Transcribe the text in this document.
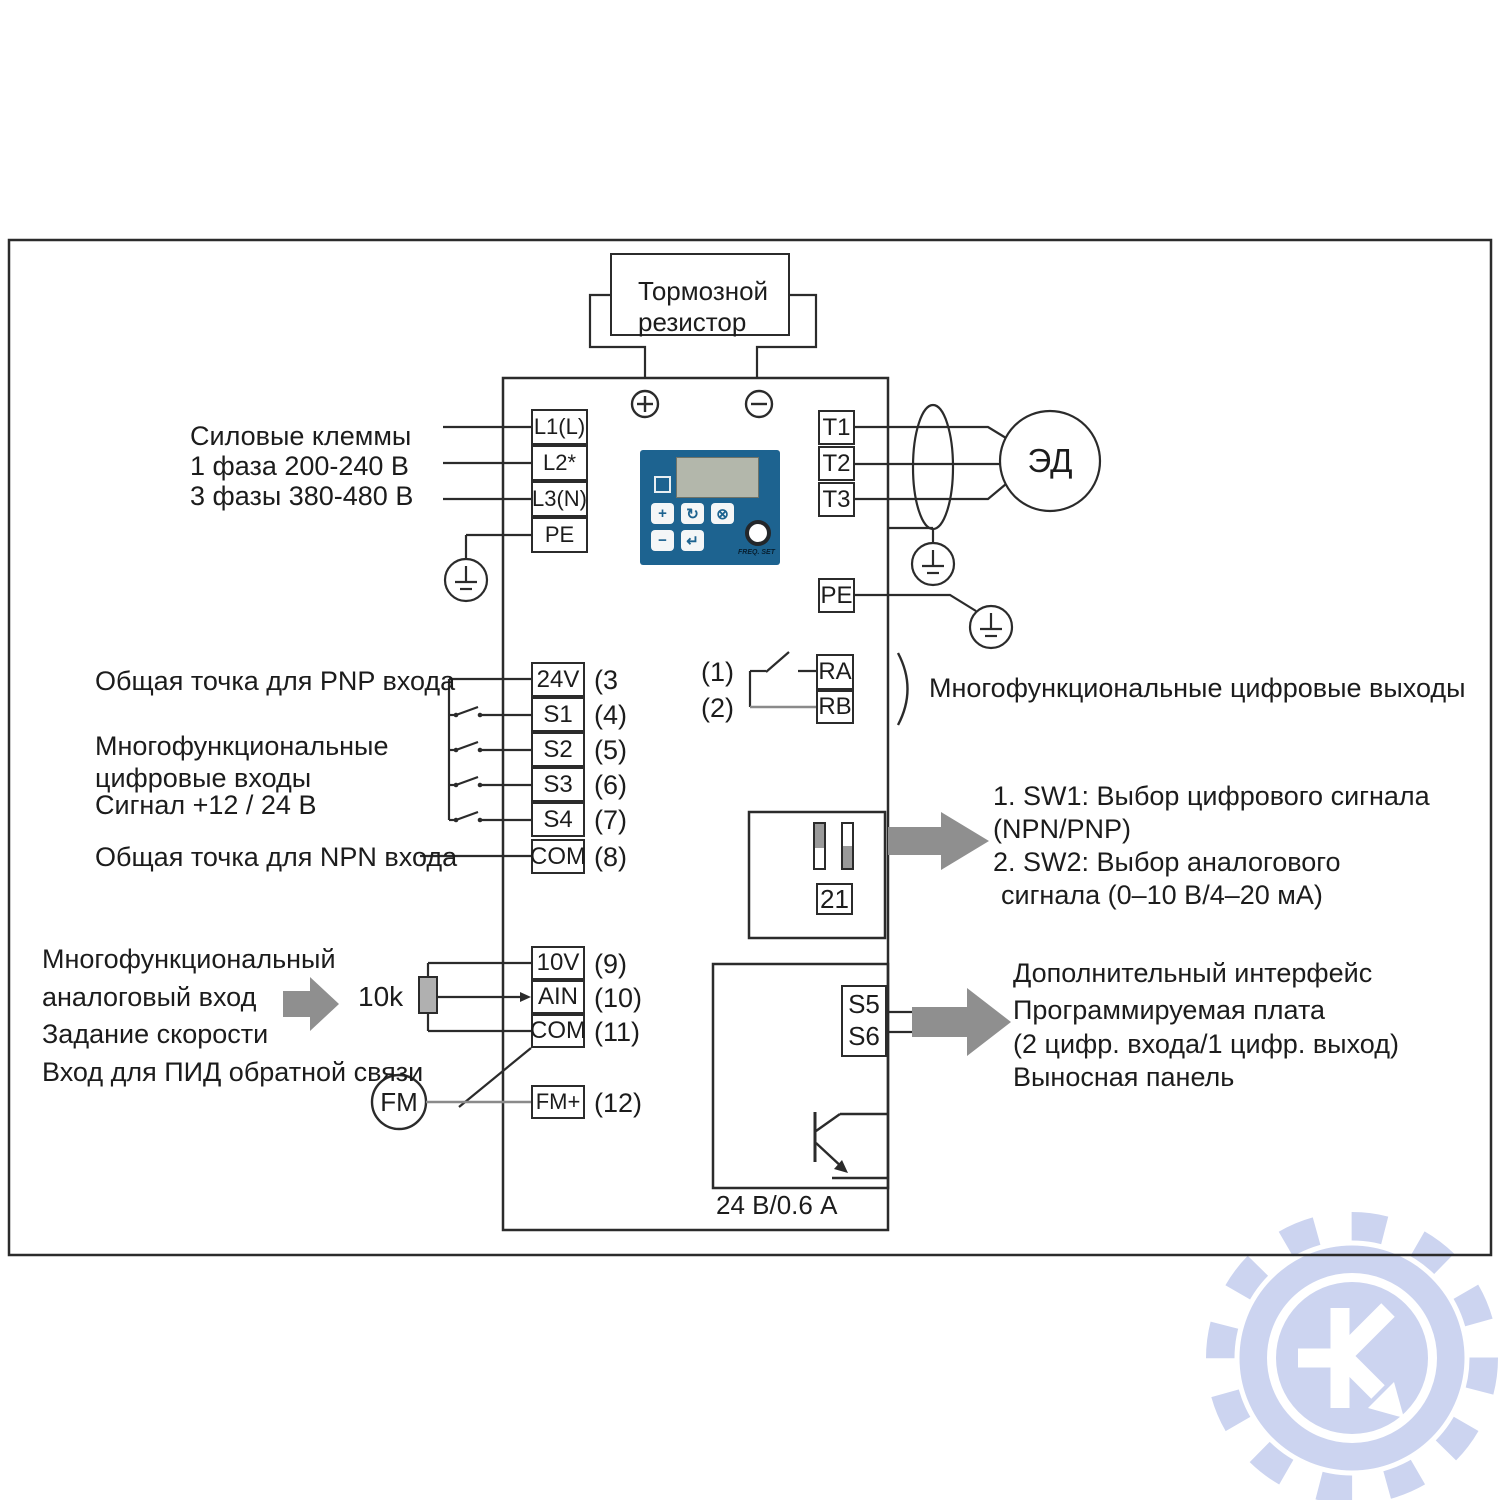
Тормозной
резистор
Силовые клеммы
1 фаза 200-240 В
3 фазы 380-480 В
L1(L)
L2*
L3(N)
PE
+	↻	⊗
−	↵
FREQ. SET
T1
T2
T3
PE
ЭД
Общая точка для PNP входа
Многофункциональные
цифровые входы
Сигнал +12 / 24 В
Общая точка для NPN входа
24V
S1
S2
S3
S4
COM
(3
(4)
(5)
(6)
(7)
(8)
(1)
(2)
RA
RB
Многофункциональные цифровые выходы
21
1. SW1: Выбор цифрового сигнала
(NPN/PNP)
2. SW2: Выбор аналогового
сигнала (0–10 В/4–20 мА)
Многофункциональный
аналоговый вход
Задание скорости
Вход для ПИД обратной связи
10k
10V
AIN
COM
(9)
(10)
(11)
FM	FM+ (12)
S5
S6
Дополнительный интерфейс
Программируемая плата
(2 цифр. входа/1 цифр. выход)
Выносная панель
24 В/0.6 А
